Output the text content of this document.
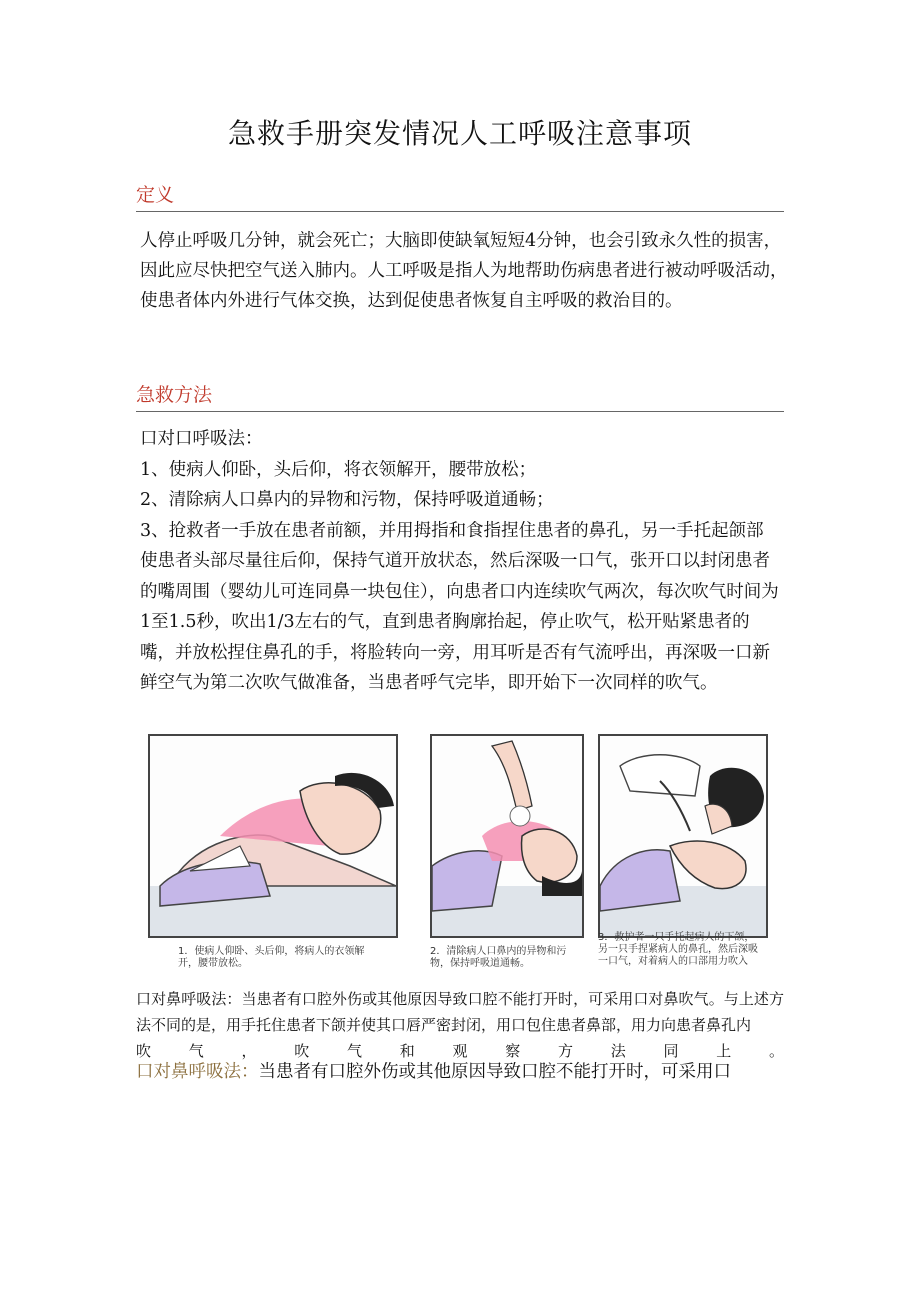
急救手册突发情况人工呼吸注意事项
定义
人停止呼吸几分钟，就会死亡；大脑即使缺氧短短4分钟，也会引致永久性的损害，因此应尽快把空气送入肺内。人工呼吸是指人为地帮助伤病患者进行被动呼吸活动，使患者体内外进行气体交换，达到促使患者恢复自主呼吸的救治目的。
急救方法

口对口呼吸法：

1、使病人仰卧，头后仰，将衣领解开，腰带放松；

2、清除病人口鼻内的异物和污物，保持呼吸道通畅；

3、抢救者一手放在患者前额，并用拇指和食指捏住患者的鼻孔，另一手托起颌部使患者头部尽量往后仰，保持气道开放状态，然后深吸一口气，张开口以封闭患者的嘴周围（婴幼儿可连同鼻一块包住），向患者口内连续吹气两次，每次吹气时间为1至1.5秒，吹出1/3左右的气，直到患者胸廓抬起，停止吹气，松开贴紧患者的嘴，并放松捏住鼻孔的手，将脸转向一旁，用耳听是否有气流呼出，再深吸一口新鲜空气为第二次吹气做准备，当患者呼气完毕，即开始下一次同样的吹气。

1．使病人仰卧、头后仰，将病人的衣领解开，腰带放松。
2．清除病人口鼻内的异物和污物，保持呼吸道通畅。
3．救护者一只手托起病人的下颌，另一只手捏紧病人的鼻孔，然后深吸一口气，对着病人的口部用力吹入
口对鼻呼吸法：当患者有口腔外伤或其他原因导致口腔不能打开时，可采用口对鼻吹气。与上述方法不同的是，用手托住患者下颌并使其口唇严密封闭，用口包住患者鼻部，用力向患者鼻孔内
吹气，吹气和观察方法同上。
口对鼻呼吸法：当患者有口腔外伤或其他原因导致口腔不能打开时，可采用口
